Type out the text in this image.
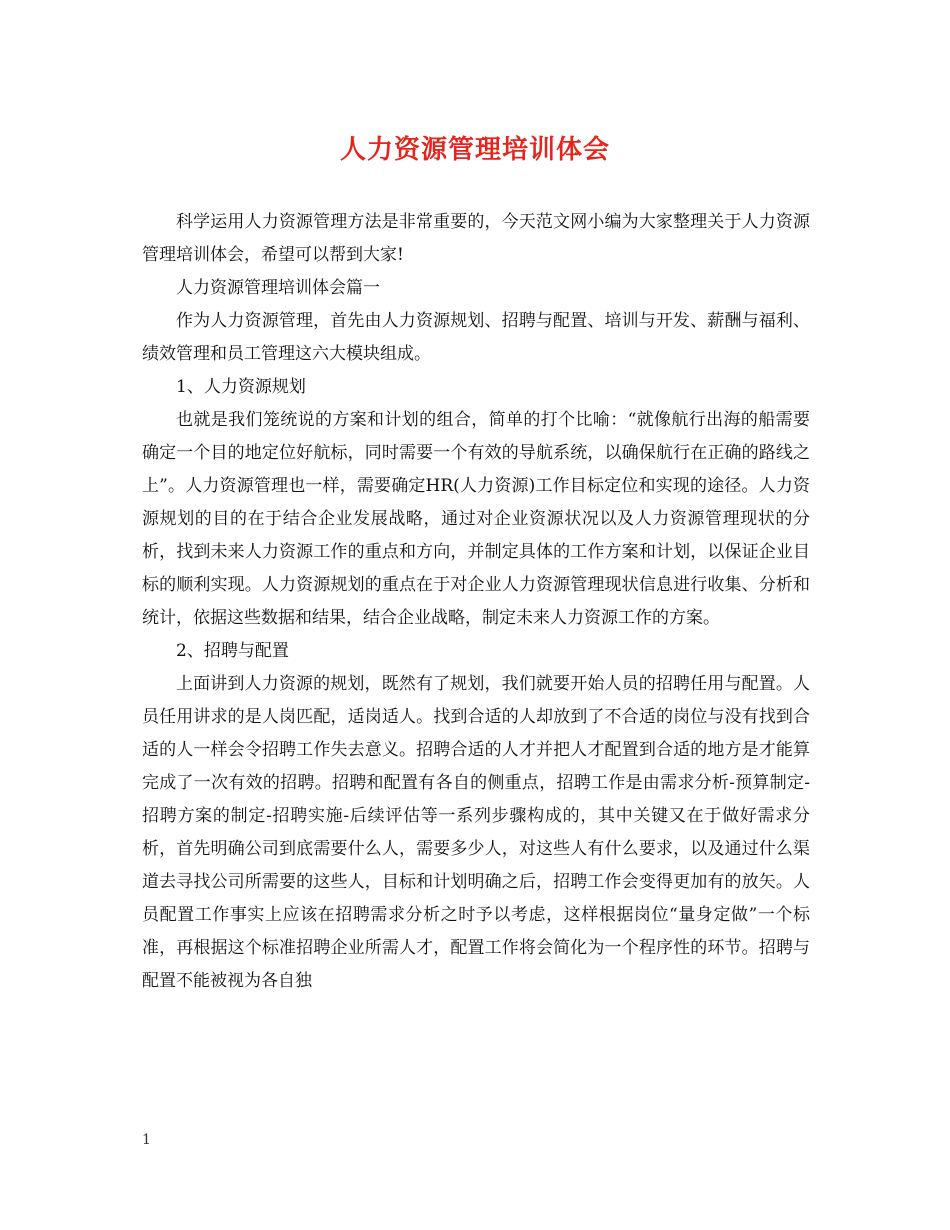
人力资源管理培训体会

科学运用人力资源管理方法是非常重要的，今天范文网小编为大家整理关于人力资源管理培训体会，希望可以帮到大家!

人力资源管理培训体会篇一

作为人力资源管理，首先由人力资源规划、招聘与配置、培训与开发、薪酬与福利、绩效管理和员工管理这六大模块组成。

1、人力资源规划

也就是我们笼统说的方案和计划的组合，简单的打个比喻：“就像航行出海的船需要确定一个目的地定位好航标，同时需要一个有效的导航系统，以确保航行在正确的路线之上”。人力资源管理也一样，需要确定HR(人力资源)工作目标定位和实现的途径。人力资源规划的目的在于结合企业发展战略，通过对企业资源状况以及人力资源管理现状的分析，找到未来人力资源工作的重点和方向，并制定具体的工作方案和计划，以保证企业目标的顺利实现。人力资源规划的重点在于对企业人力资源管理现状信息进行收集、分析和统计，依据这些数据和结果，结合企业战略，制定未来人力资源工作的方案。

2、招聘与配置

上面讲到人力资源的规划，既然有了规划，我们就要开始人员的招聘任用与配置。人员任用讲求的是人岗匹配，适岗适人。找到合适的人却放到了不合适的岗位与没有找到合适的人一样会令招聘工作失去意义。招聘合适的人才并把人才配置到合适的地方是才能算完成了一次有效的招聘。招聘和配置有各自的侧重点，招聘工作是由需求分析-预算制定-招聘方案的制定-招聘实施-后续评估等一系列步骤构成的，其中关键又在于做好需求分析，首先明确公司到底需要什么人，需要多少人，对这些人有什么要求，以及通过什么渠道去寻找公司所需要的这些人，目标和计划明确之后，招聘工作会变得更加有的放矢。人员配置工作事实上应该在招聘需求分析之时予以考虑，这样根据岗位“量身定做”一个标准，再根据这个标准招聘企业所需人才，配置工作将会简化为一个程序性的环节。招聘与配置不能被视为各自独

1
